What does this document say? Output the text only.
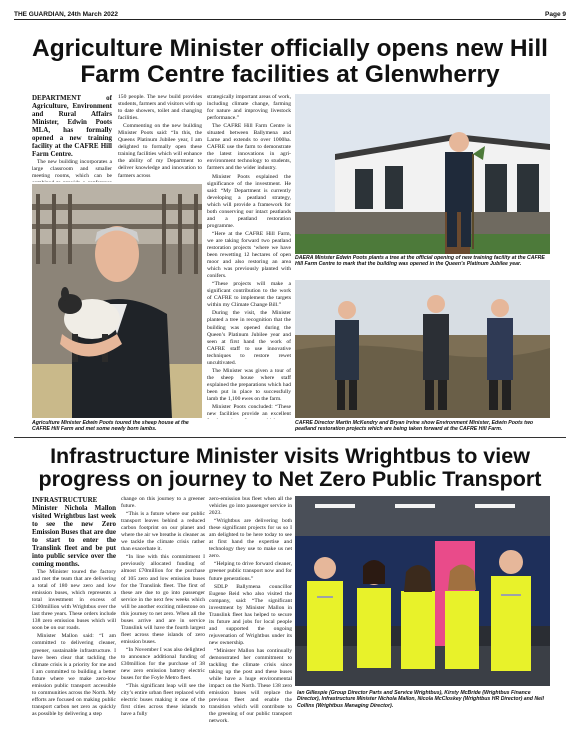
THE GUARDIAN, 24th March 2022	Page 9
Agriculture Minister officially opens new Hill Farm Centre facilities at Glenwherry

DEPARTMENT of Agriculture, Environment and Rural Affairs Minister, Edwin Poots MLA, has formally opened a new training facility at the CAFRE Hill Farm Centre.

The new building incorporates a large classroom and smaller meeting rooms, which can be

150 people. The new build provides students, farmers and visitors with up to date showers, toilet and changing facilities.

Commenting on the new building Minister Poots said: “In this, the Queens Platinum Jubilee year, I am delighted to formally open these training facilities which will enhance the ability of my Department to deliver knowledge and innovation to farmers across

strategically important areas of work, including climate change, farming for nature and improving livestock performance.”

The CAFRE Hill Farm Centre is situated between Ballymena and Larne and extends to over 1000ha. CAFRE use the farm to demonstrate the latest innovations in agri-environment technology to students, farmers and the wider industry.

Minister Poots explained the significance of the investment. He said: “My Department is currently developing a peatland strategy, which will provide a framework for both conserving our intact peatlands and a peatland restoration programme.

“Here at the CAFRE Hill Farm, we are taking forward two peatland restoration projects ‘where we have been rewetting 12 hectares of open moor and also restoring an area which was previously planted with conifers.

“These projects will make a significant contribution to the work of CAFRE to implement the targets within my Climate Change Bill.”

During the visit, the Minister planted a tree in recognition that the building was opened during the Queen’s Platinum Jubilee year and seen at first hand the work of CAFRE staff to use innovative techniques to restore rewet uncultivated.

The Minister was given a tour of the sheep house where staff explained the preparations which had been put in place to successfully lamb the 1,100 ewes on the farm.

Minister Poots concluded: “These new facilities provide an excellent

Agriculture Minister Edwin Poots toured the sheep house at the CAFRE Hill Farm and met some newly born lambs.
DAERA Minister Edwin Poots plants a tree at the official opening of new training facility at the CAFRE Hill Farm Centre to mark that the building was opened in the Queen’s Platinum Jubilee year.
CAFRE Director Martin McKendry and Bryan Irvine show Environment Minister, Edwin Poots two peatland restoration projects which are being taken forward at the CAFRE Hill Farm.
Infrastructure Minister visits Wrightbus to view progress on journey to Net Zero Public Transport

INFRASTRUCTURE Minister Nichola Mallon visited Wrightbus last week to see the new Zero Emission Buses that are due to start to enter the Translink fleet and be put into public service over the coming months.

The Minister toured the factory and met the team that are delivering a total of 180 new zero and low emission buses, which represents a total investment in excess of £100million with Wrightbus over the last three years. These orders include 138 zero emission buses which will soon be on our roads.

Minister Mallon said: “I am committed to delivering cleaner, greener, sustainable infrastructure. I have been clear that tackling the climate crisis is a priority for me and I am committed to building a better future where we make zero-low emission public transport accessible to communities across the North. My efforts are focused on making public transport carbon net zero as quickly as possible by delivering a step

change on this journey to a greener future.

“This is a future where our public transport leaves behind a reduced carbon footprint on our planet and where the air we breathe is cleaner as we tackle the climate crisis rather than exacerbate it.

“In line with this commitment I previously allocated funding of almost £70million for the purchase of 105 zero and low emission buses for the Translink fleet. The first of these are due to go into passenger service in the next few weeks which will be another exciting milestone on this journey to net zero. When all the buses arrive and are in service Translink will have the fourth largest fleet across these islands of zero emission buses.

“In November I was also delighted to announce additional funding of £30million for the purchase of 38 new zero emission battery electric buses for the Foyle Metro fleet.

“This significant leap will see the city’s entire urban fleet replaced with electric buses making it one of the first cities across these islands to have a fully

zero-emission bus fleet when all the vehicles go into passenger service in 2023.

“Wrightbus are delivering both these significant projects for us so I am delighted to be here today to see at first hand the expertise and technology they use to make us net zero.

“Helping to drive forward cleaner, greener public transport now and for future generations.”

SDLP Ballymena councillor Eugene Reid who also visited the company, said: “The significant investment by Minister Mallon in Translink fleet has helped to secure its future and jobs for local people and supported the ongoing rejuvenation of Wrightbus under its new ownership.

“Minister Mallon has continually demonstrated her commitment to tackling the climate crisis since taking up the post and these buses while have a huge environmental impact on the North. These 138 zero emission buses will replace the previous fleet and enable the transition which will contribute to the greening of our public transport network.

Ian Gillespie (Group Director Parts and Service Wrightbus), Kirsty McBride (Wrightbus Finance Director), Infrastructure Minister Nichola Mallon, Nicola McCloskey (Wrightbus HR Director) and Neil Collins (Wrightbus Managing Director).
